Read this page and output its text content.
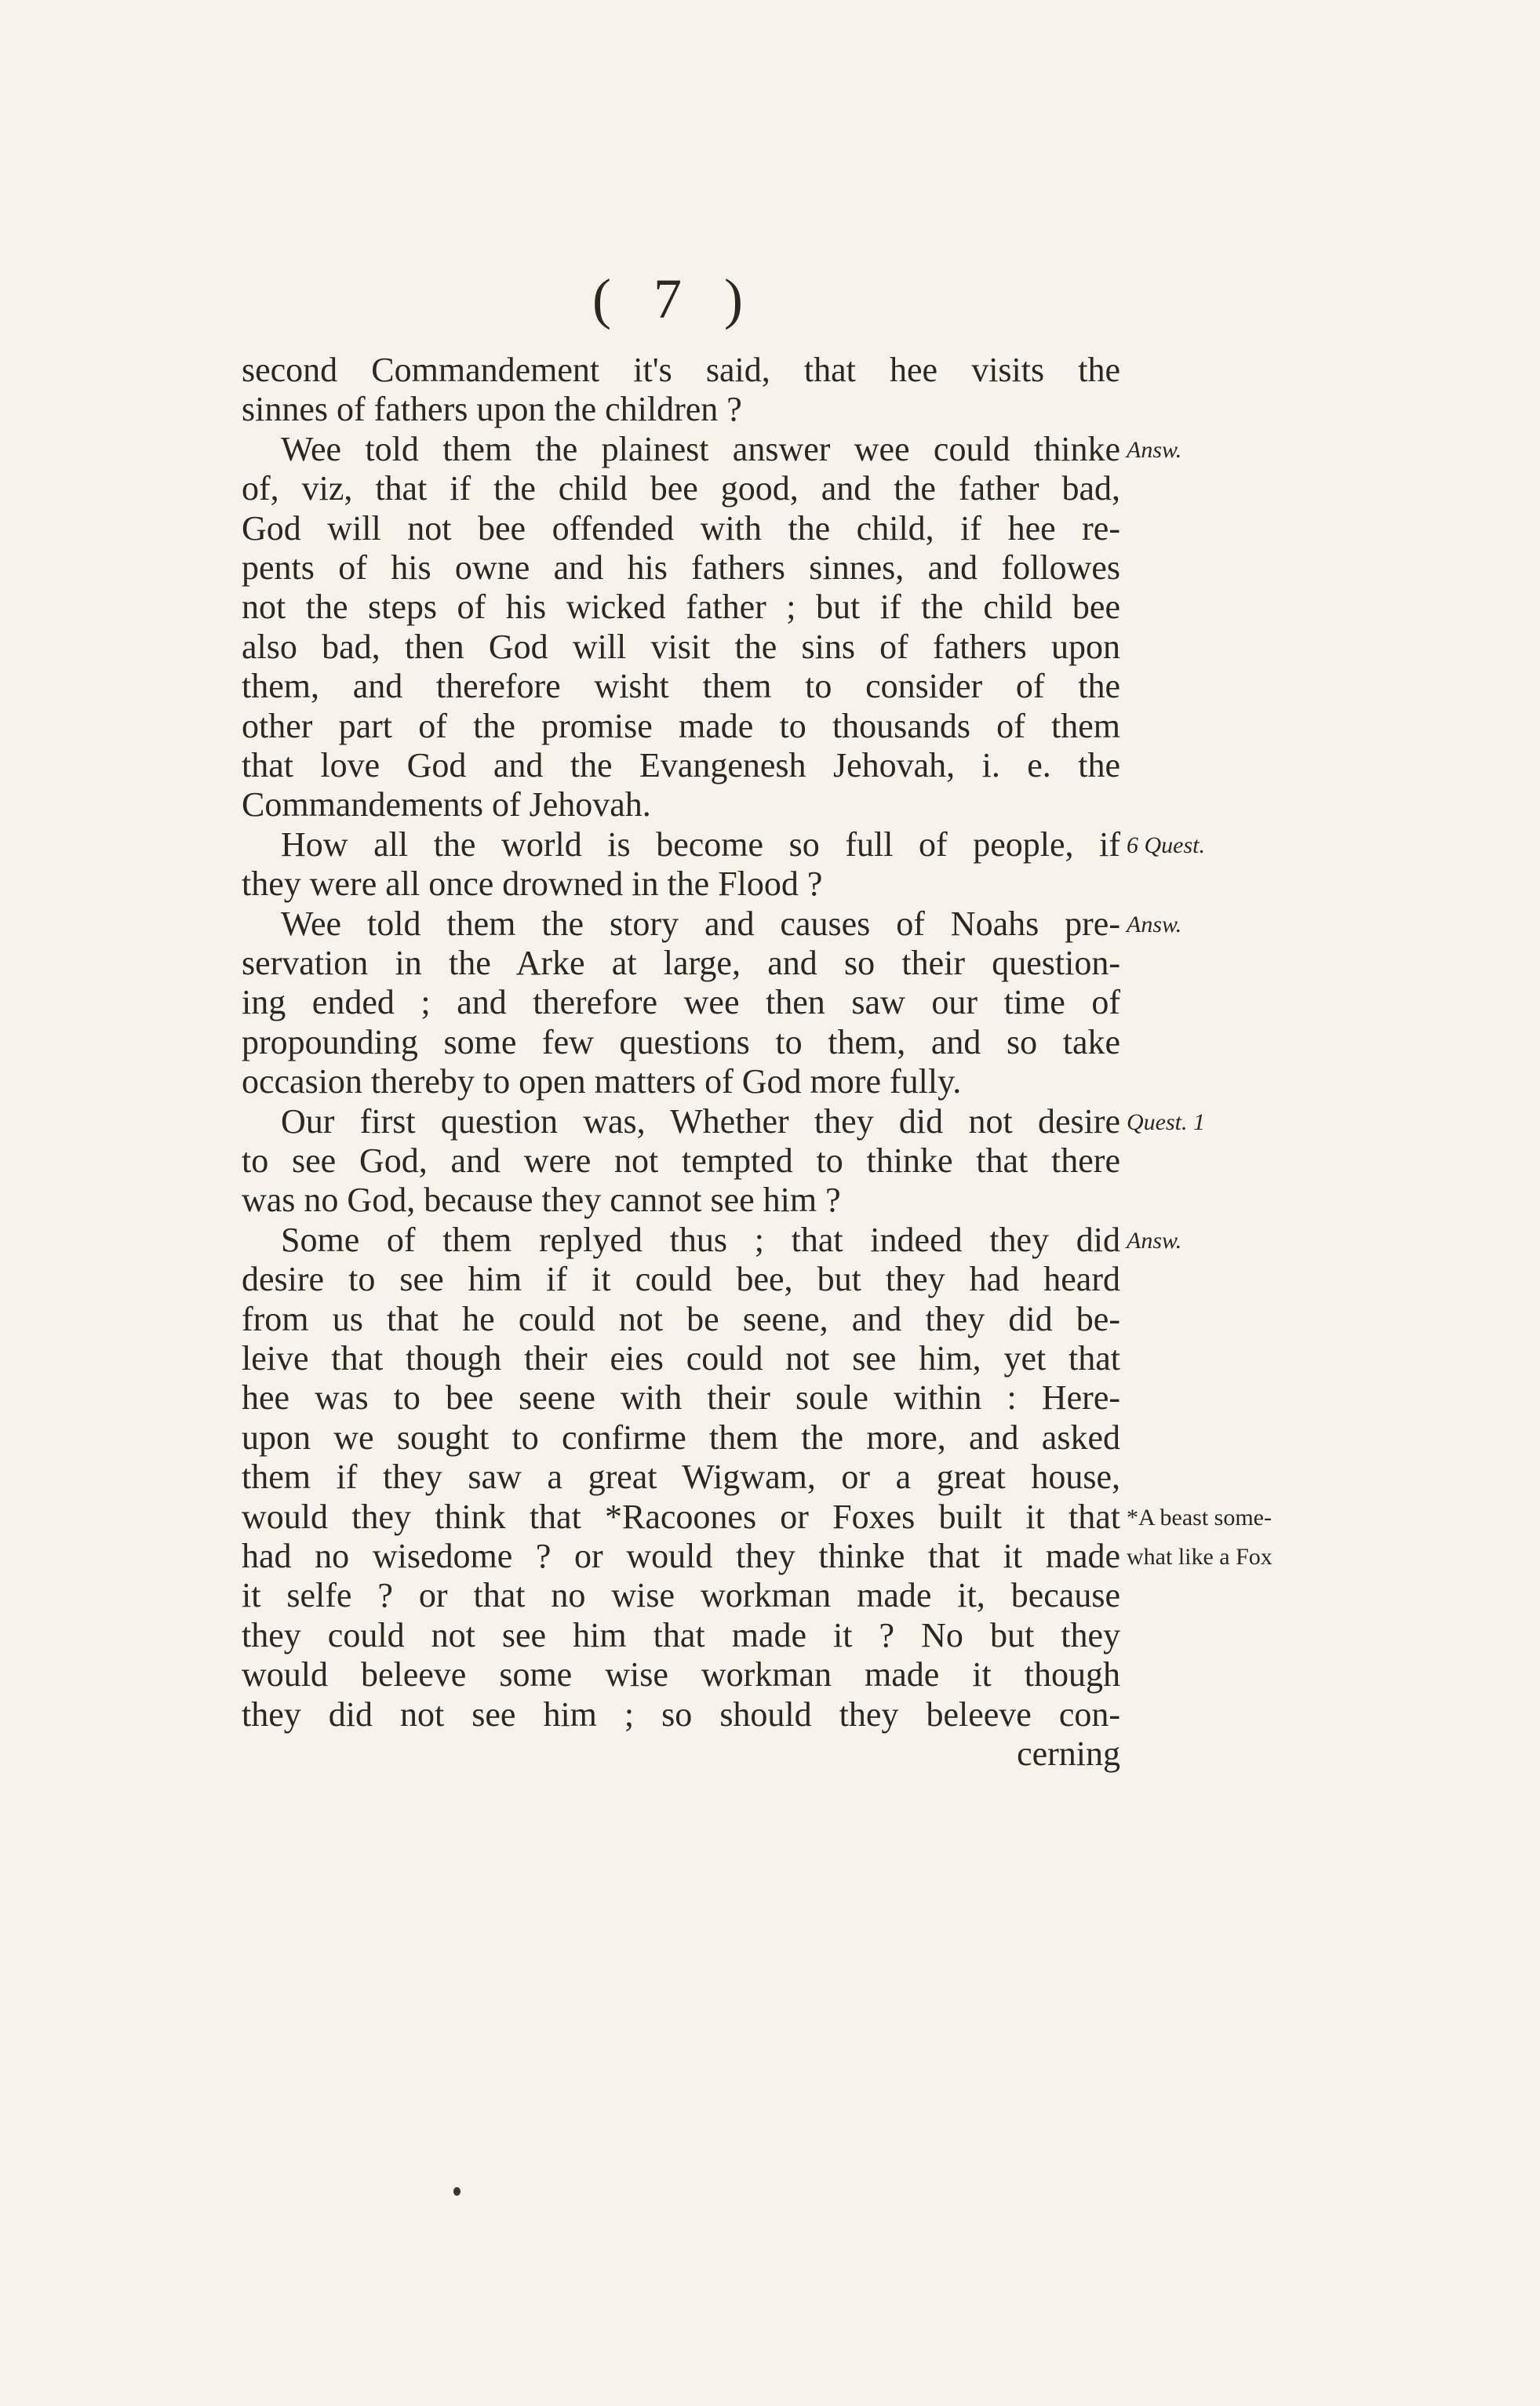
( 7 )
second Commandement it's said, that hee visits the
sinnes of fathers upon the children ?
Wee told them the plainest answer wee could thinke
of, viz, that if the child bee good, and the father bad,
God will not bee offended with the child, if hee re-
pents of his owne and his fathers sinnes, and followes
not the steps of his wicked father ; but if the child bee
also bad, then God will visit the sins of fathers upon
them, and therefore wisht them to consider of the
other part of the promise made to thousands of them
that love God and the Evangenesh Jehovah, i. e. the
Commandements of Jehovah.
How all the world is become so full of people, if
they were all once drowned in the Flood ?
Wee told them the story and causes of Noahs pre-
servation in the Arke at large, and so their question-
ing ended ; and therefore wee then saw our time of
propounding some few questions to them, and so take
occasion thereby to open matters of God more fully.
Our first question was, Whether they did not desire
to see God, and were not tempted to thinke that there
was no God, because they cannot see him ?
Some of them replyed thus ; that indeed they did
desire to see him if it could bee, but they had heard
from us that he could not be seene, and they did be-
leive that though their eies could not see him, yet that
hee was to bee seene with their soule within : Here-
upon we sought to confirme them the more, and asked
them if they saw a great Wigwam, or a great house,
would they think that *Racoones or Foxes built it that
had no wisedome ? or would they thinke that it made
it selfe ? or that no wise workman made it, because
they could not see him that made it ? No but they
would beleeve some wise workman made it though
they did not see him ; so should they beleeve con-
cerning
Answ.
6 Quest.
Answ.
Quest. 1
Answ.
*A beast some-
what like a Fox
